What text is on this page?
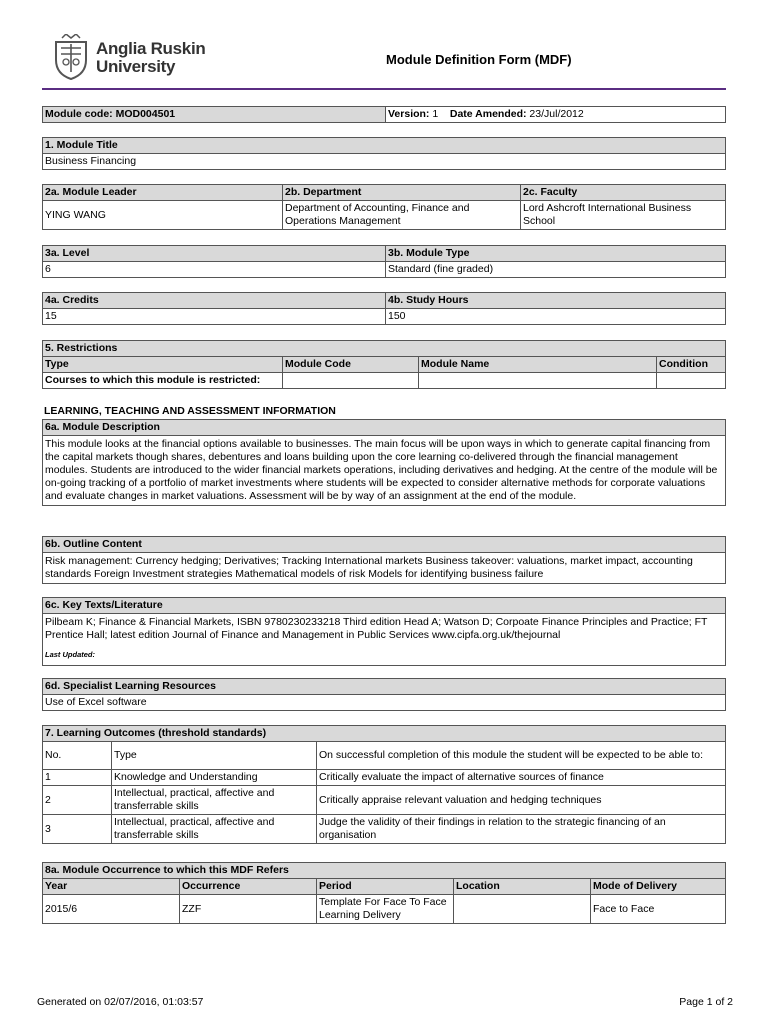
Anglia Ruskin
University	Module Definition Form (MDF)
Module code: MOD004501	Version: 1 Date Amended: 23/Jul/2012
1. Module Title
Business Financing
2a. Module Leader	2b. Department	2c. Faculty
YING WANG	Department of Accounting, Finance and Operations Management	Lord Ashcroft International Business School
3a. Level	3b. Module Type
6	Standard (fine graded)
4a. Credits	4b. Study Hours
15	150
5. Restrictions			
Type	Module Code	Module Name	Condition
Courses to which this module is restricted:			
LEARNING, TEACHING AND ASSESSMENT INFORMATION
6a. Module Description
This module looks at the financial options available to businesses. The main focus will be upon ways in which to generate capital financing from the capital markets though shares, debentures and loans building upon the core learning co-delivered through the financial management modules. Students are introduced to the wider financial markets operations, including derivatives and hedging. At the centre of the module will be on-going tracking of a portfolio of market investments where students will be expected to consider alternative methods for corporate valuations and evaluate changes in market valuations. Assessment will be by way of an assignment at the end of the module.
6b. Outline Content
Risk management: Currency hedging; Derivatives; Tracking International markets Business takeover: valuations, market impact, accounting standards Foreign Investment strategies Mathematical models of risk Models for identifying business failure
6c. Key Texts/Literature

Pilbeam K; Finance & Financial Markets, ISBN 9780230233218 Third edition Head A; Watson D; Corpoate Finance Principles and Practice; FT Prentice Hall; latest edition Journal of Finance and Management in Public Services www.cipfa.org.uk/thejournal
Last Updated:
6d. Specialist Learning Resources
Use of Excel software
7. Learning Outcomes (threshold standards)		
No.	Type	On successful completion of this module the student will be expected to be able to:
1	Knowledge and Understanding	Critically evaluate the impact of alternative sources of finance
2	Intellectual, practical, affective and transferrable skills	Critically appraise relevant valuation and hedging techniques
3	Intellectual, practical, affective and transferrable skills	Judge the validity of their findings in relation to the strategic financing of an organisation
8a. Module Occurrence to which this MDF Refers				
Year	Occurrence	Period	Location	Mode of Delivery
2015/6	ZZF	Template For Face To Face Learning Delivery		Face to Face
Generated on 02/07/2016, 01:03:57	Page 1 of 2
